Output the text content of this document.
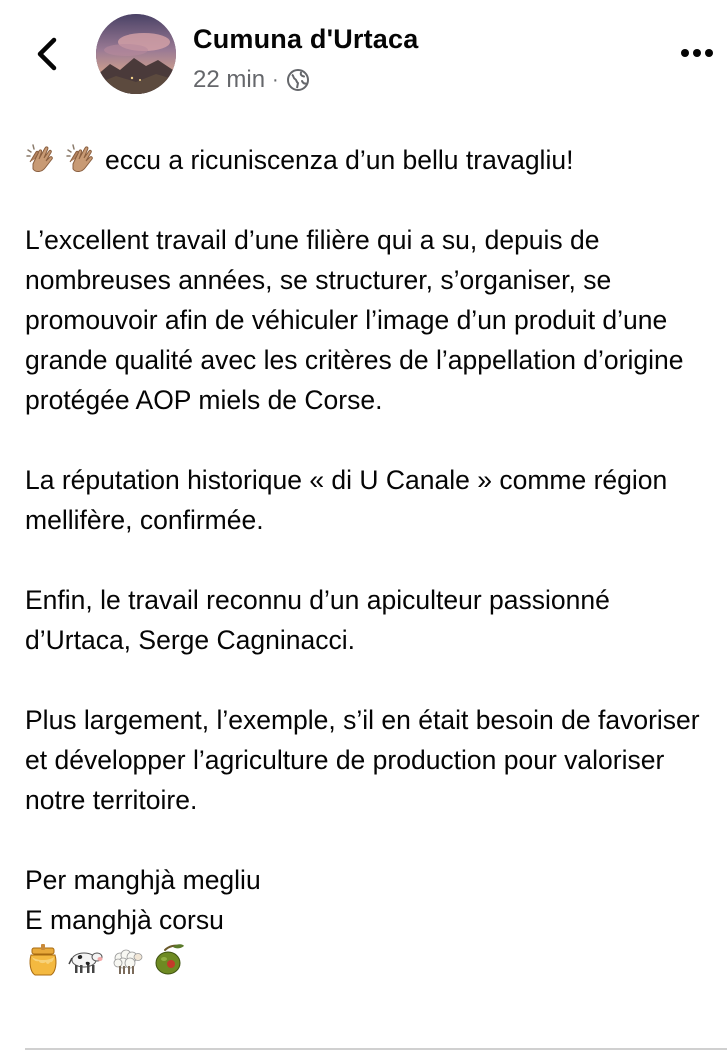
Cumuna d'Urtaca
22 min ·

eccu a ricuniscenza d’un bellu travagliu!

L’excellent travail d’une filière qui a su, depuis de nombreuses années, se structurer, s’organiser, se promouvoir afin de véhiculer l’image d’un produit d’une grande qualité avec les critères de l’appellation d’origine protégée AOP miels de Corse.

La réputation historique « di U Canale » comme région mellifère, confirmée.

Enfin, le travail reconnu d’un apiculteur passionné d’Urtaca, Serge Cagninacci.

Plus largement, l’exemple, s’il en était besoin de favoriser et développer l’agriculture de production pour valoriser notre territoire.

Per manghjà megliu

E manghjà corsu
